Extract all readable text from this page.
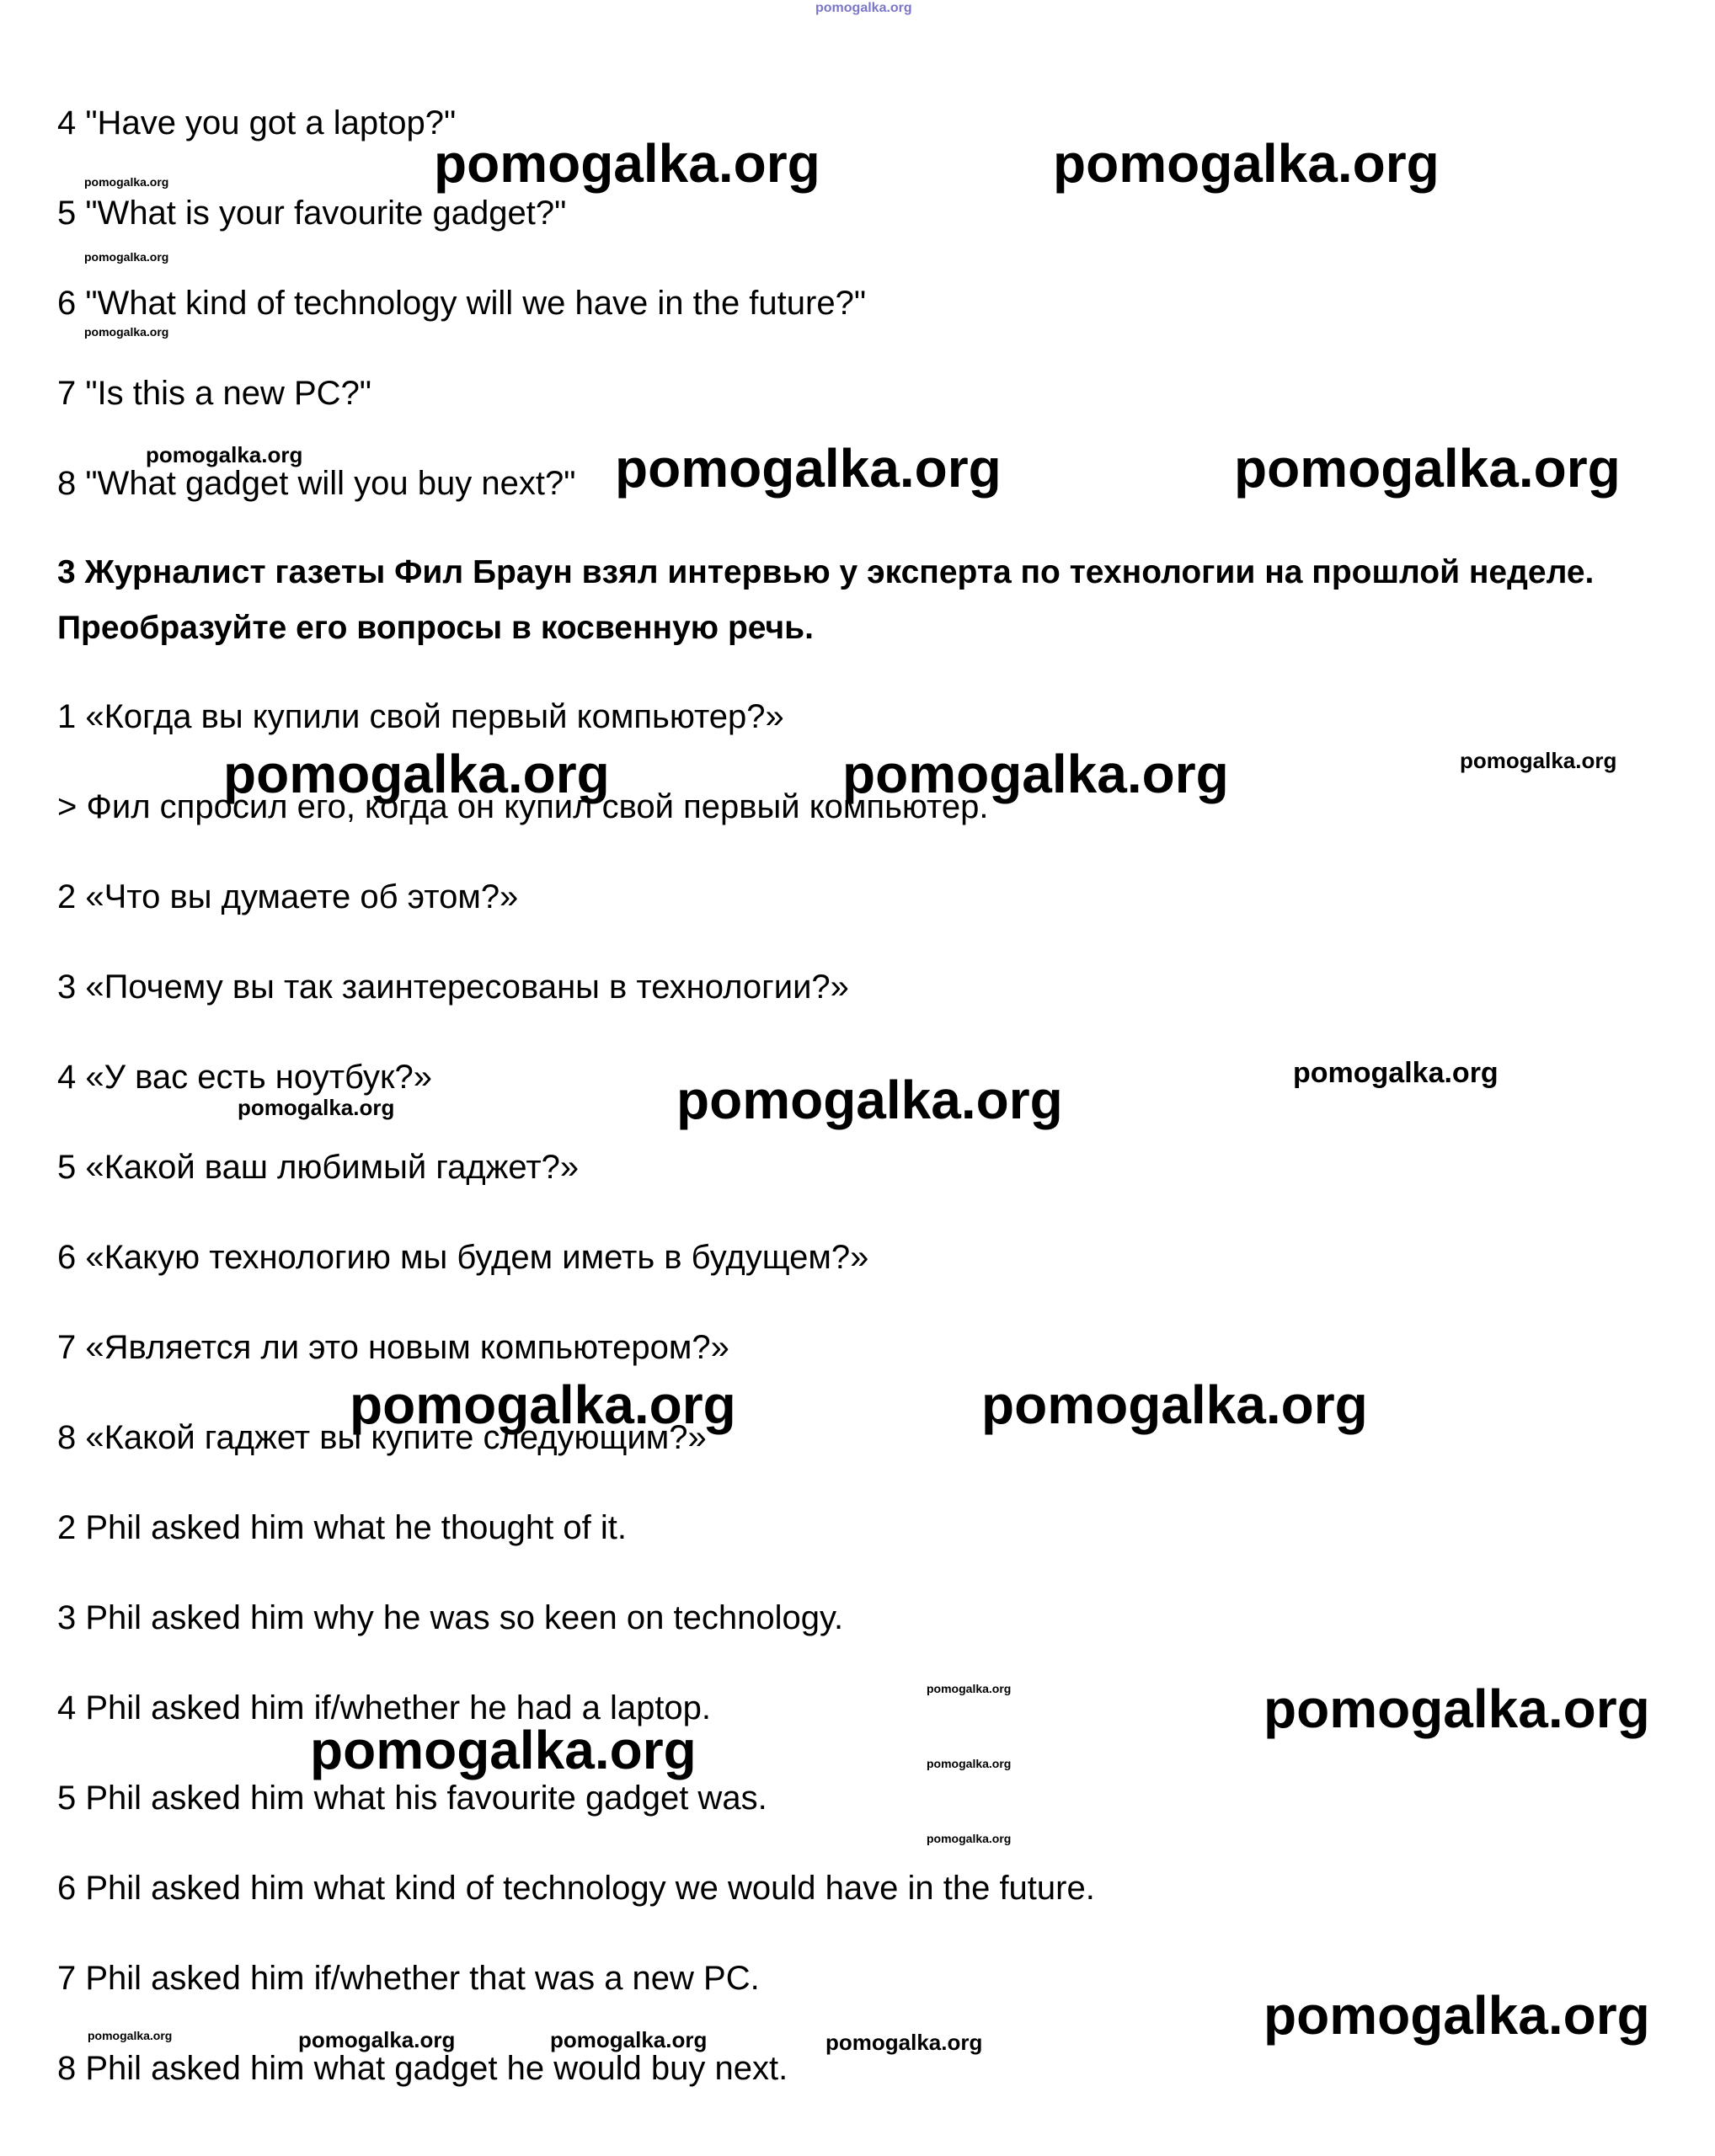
pomogalka.org
4 "Have you got a laptop?"
5 "What is your favourite gadget?"
6 "What kind of technology will we have in the future?"
7 "Is this a new PC?"
8 "What gadget will you buy next?"
3 Журналист газеты Фил Браун взял интервью у эксперта по технологии на прошлой неделе.
Преобразуйте его вопросы в косвенную речь.
1 «Когда вы купили свой первый компьютер?»
> Фил спросил его, когда он купил свой первый компьютер.
2 «Что вы думаете об этом?»
3 «Почему вы так заинтересованы в технологии?»
4 «У вас есть ноутбук?»
5 «Какой ваш любимый гаджет?»
6 «Какую технологию мы будем иметь в будущем?»
7 «Является ли это новым компьютером?»
8 «Какой гаджет вы купите следующим?»
2 Phil asked him what he thought of it.
3 Phil asked him why he was so keen on technology.
4 Phil asked him if/whether he had a laptop.
5 Phil asked him what his favourite gadget was.
6 Phil asked him what kind of technology we would have in the future.
7 Phil asked him if/whether that was a new PC.
8 Phil asked him what gadget he would buy next.
pomogalka.org	pomogalka.org
pomogalka.org	pomogalka.org
pomogalka.org	pomogalka.org
pomogalka.org
pomogalka.org	pomogalka.org
pomogalka.org
pomogalka.org
pomogalka.org
pomogalka.org
pomogalka.org
pomogalka.org
pomogalka.org
pomogalka.org	pomogalka.org	pomogalka.org
pomogalka.org
pomogalka.org
pomogalka.org
pomogalka.org
pomogalka.org
pomogalka.org
pomogalka.org
